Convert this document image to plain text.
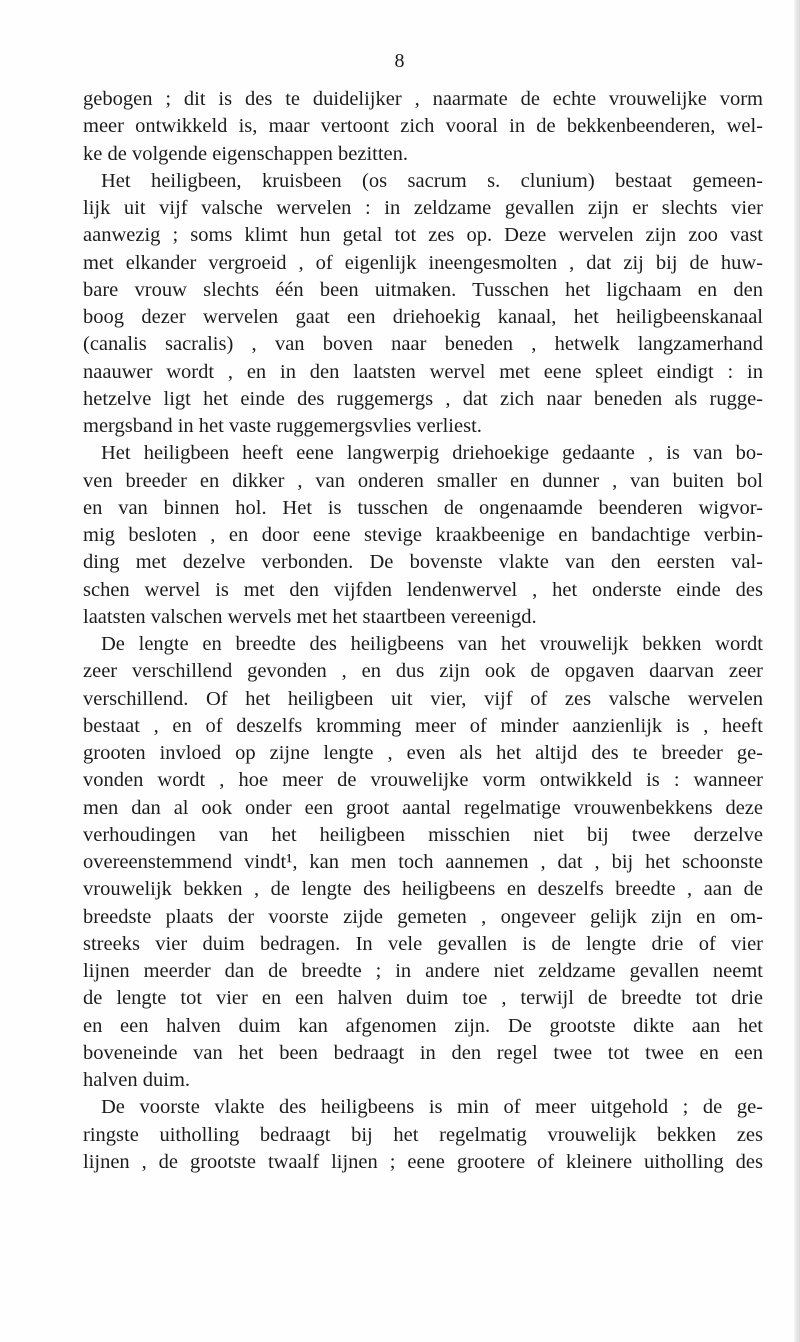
8
gebogen ; dit is des te duidelijker , naarmate de echte vrouwelijke vorm
meer ontwikkeld is, maar vertoont zich vooral in de bekkenbeenderen, wel-
ke de volgende eigenschappen bezitten.
Het heiligbeen, kruisbeen (os sacrum s. clunium) bestaat gemeen-
lijk uit vijf valsche wervelen : in zeldzame gevallen zijn er slechts vier
aanwezig ; soms klimt hun getal tot zes op. Deze wervelen zijn zoo vast
met elkander vergroeid , of eigenlijk ineengesmolten , dat zij bij de huw-
bare vrouw slechts één been uitmaken. Tusschen het ligchaam en den
boog dezer wervelen gaat een driehoekig kanaal, het heiligbeenskanaal
(canalis sacralis) , van boven naar beneden , hetwelk langzamerhand
naauwer wordt , en in den laatsten wervel met eene spleet eindigt : in
hetzelve ligt het einde des ruggemergs , dat zich naar beneden als rugge-
mergsband in het vaste ruggemergsvlies verliest.
Het heiligbeen heeft eene langwerpig driehoekige gedaante , is van bo-
ven breeder en dikker , van onderen smaller en dunner , van buiten bol
en van binnen hol. Het is tusschen de ongenaamde beenderen wigvor-
mig besloten , en door eene stevige kraakbeenige en bandachtige verbin-
ding met dezelve verbonden. De bovenste vlakte van den eersten val-
schen wervel is met den vijfden lendenwervel , het onderste einde des
laatsten valschen wervels met het staartbeen vereenigd.
De lengte en breedte des heiligbeens van het vrouwelijk bekken wordt
zeer verschillend gevonden , en dus zijn ook de opgaven daarvan zeer
verschillend. Of het heiligbeen uit vier, vijf of zes valsche wervelen
bestaat , en of deszelfs kromming meer of minder aanzienlijk is , heeft
grooten invloed op zijne lengte , even als het altijd des te breeder ge-
vonden wordt , hoe meer de vrouwelijke vorm ontwikkeld is : wanneer
men dan al ook onder een groot aantal regelmatige vrouwenbekkens deze
verhoudingen van het heiligbeen misschien niet bij twee derzelve
overeenstemmend vindt¹, kan men toch aannemen , dat , bij het schoonste
vrouwelijk bekken , de lengte des heiligbeens en deszelfs breedte , aan de
breedste plaats der voorste zijde gemeten , ongeveer gelijk zijn en om-
streeks vier duim bedragen. In vele gevallen is de lengte drie of vier
lijnen meerder dan de breedte ; in andere niet zeldzame gevallen neemt
de lengte tot vier en een halven duim toe , terwijl de breedte tot drie
en een halven duim kan afgenomen zijn. De grootste dikte aan het
boveneinde van het been bedraagt in den regel twee tot twee en een
halven duim.
De voorste vlakte des heiligbeens is min of meer uitgehold ; de ge-
ringste uitholling bedraagt bij het regelmatig vrouwelijk bekken zes
lijnen , de grootste twaalf lijnen ; eene grootere of kleinere uitholling des
